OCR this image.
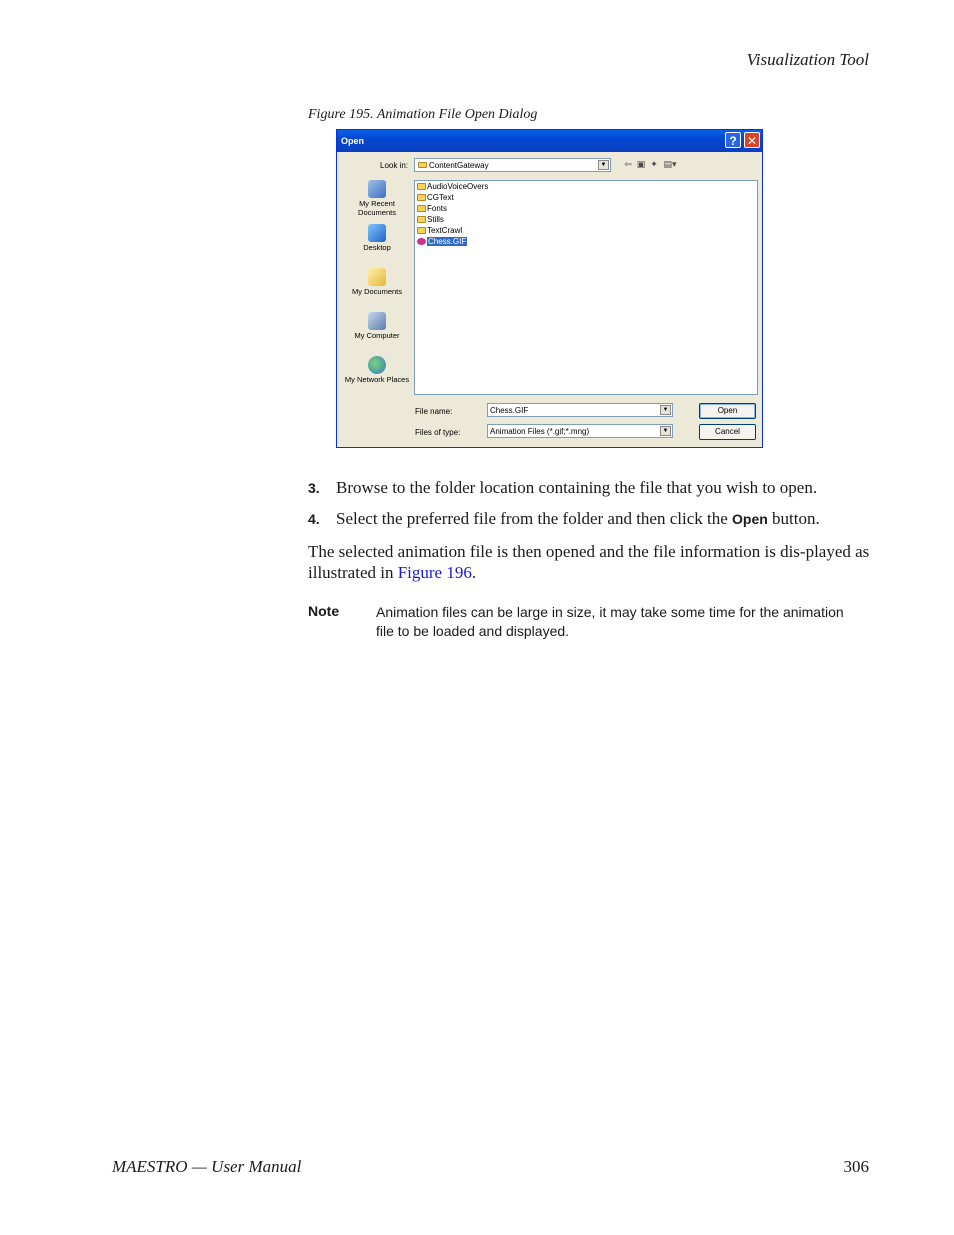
Visualization Tool
Figure 195. Animation File Open Dialog
Open	? ✕
Look in:	ContentGateway	▼ ⇦ ▣ ✦ ▤▾
My Recent Documents
Desktop
My Documents
My Computer
My Network Places
AudioVoiceOvers
CGText
Fonts
Stills
TextCrawl
Chess.GIF
File name:	Chess.GIF	▼
Files of type:	Animation Files (*.gif;*.mng)	▼
Open
Cancel
3. Browse to the folder location containing the file that you wish to open.
4. Select the preferred file from the folder and then click the Open button.
The selected animation file is then opened and the file information is dis-played as illustrated in Figure 196.
Note	Animation files can be large in size, it may take some time for the animation file to be loaded and displayed.
MAESTRO — User Manual	306
